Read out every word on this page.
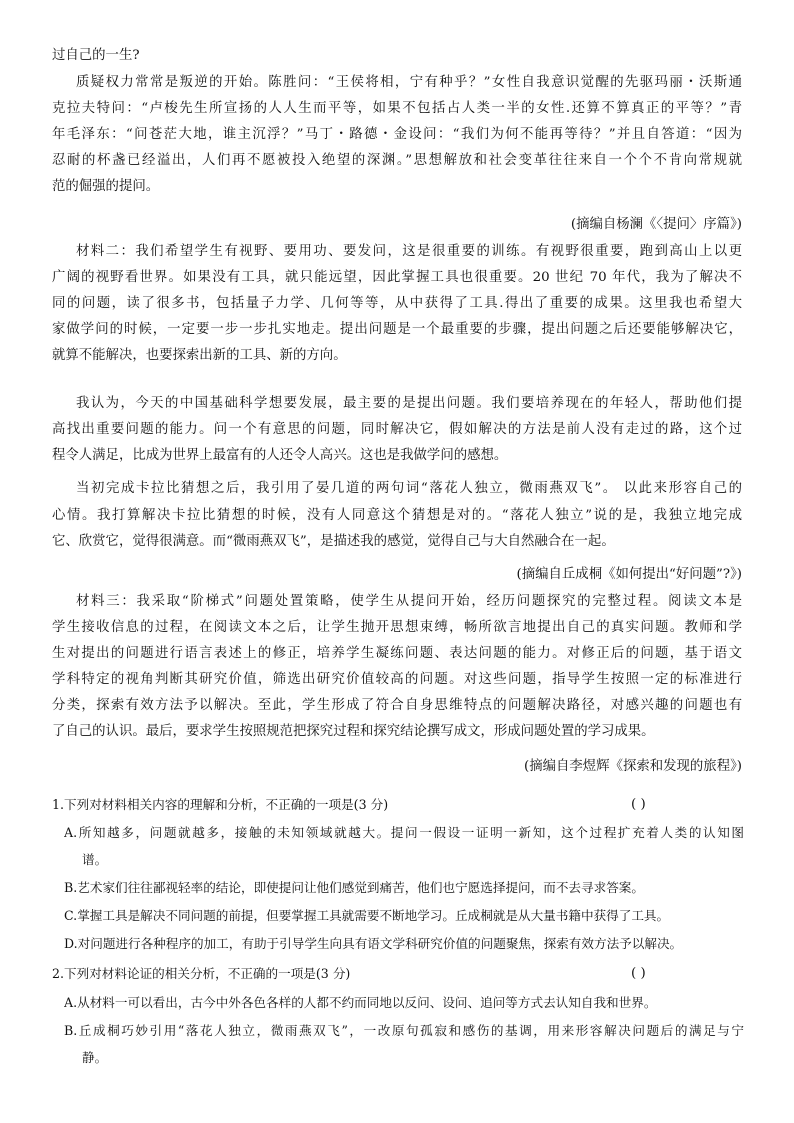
过自己的一生?
质疑权力常常是叛逆的开始。陈胜问：“王侯将相，宁有种乎？”女性自我意识觉醒的先驱玛丽・沃斯通
克拉夫特问：“卢梭先生所宣扬的人人生而平等，如果不包括占人类一半的女性.还算不算真正的平等？”青
年毛泽东：“问苍茫大地，谁主沉浮？”马丁・路德・金设问：“我们为何不能再等待？”并且自答道：“因为
忍耐的杯盏已经溢出，人们再不愿被投入绝望的深渊。”思想解放和社会变革往往来自一个个不肯向常规就
范的倔强的提问。
(摘编自杨澜《〈提问〉序篇》)
材料二：我们希望学生有视野、要用功、要发问，这是很重要的训练。有视野很重要，跑到高山上以更
广阔的视野看世界。如果没有工具，就只能远望，因此掌握工具也很重要。20 世纪 70 年代，我为了解决不
同的问题，读了很多书，包括量子力学、几何等等，从中获得了工具.得出了重要的成果。这里我也希望大
家做学问的时候，一定要一步一步扎实地走。提出问题是一个最重要的步骤，提出问题之后还要能够解决它，
就算不能解决，也要探索出新的工具、新的方向。
我认为，今天的中国基础科学想要发展，最主要的是提出问题。我们要培养现在的年轻人，帮助他们提
高找出重要问题的能力。问一个有意思的问题，同时解决它，假如解决的方法是前人没有走过的路，这个过
程令人满足，比成为世界上最富有的人还令人高兴。这也是我做学问的感想。
当初完成卡拉比猜想之后，我引用了晏几道的两句词“落花人独立，微雨燕双飞”。 以此来形容自己的
心情。我打算解决卡拉比猜想的时候，没有人同意这个猜想是对的。“落花人独立”说的是，我独立地完成
它、欣赏它，觉得很满意。而“微雨燕双飞”，是描述我的感觉，觉得自己与大自然融合在一起。
(摘编自丘成桐《如何提出“好问题”?》)
材料三：我采取“阶梯式”问题处置策略，使学生从提问开始，经历问题探究的完整过程。阅读文本是
学生接收信息的过程，在阅读文本之后，让学生抛开思想束缚，畅所欲言地提出自己的真实问题。教师和学
生对提出的问题进行语言表述上的修正，培养学生凝练问题、表达问题的能力。对修正后的问题，基于语文
学科特定的视角判断其研究价值，筛选出研究价值较高的问题。对这些问题，指导学生按照一定的标准进行
分类，探索有效方法予以解决。至此，学生形成了符合自身思维特点的问题解决路径，对感兴趣的问题也有
了自己的认识。最后，要求学生按照规范把探究过程和探究结论撰写成文，形成问题处置的学习成果。
(摘编自李煜辉《探索和发现的旅程》)
1.下列对材料相关内容的理解和分析，不正确的一项是(3 分)	( )
A.所知越多，问题就越多，接触的未知领域就越大。提问一假设一证明一新知，这个过程扩充着人类的认知图
谱。
B.艺术家们往往鄙视轻率的结论，即使提问让他们感觉到痛苦，他们也宁愿选择提问，而不去寻求答案。
C.掌握工具是解决不同问题的前提，但要掌握工具就需要不断地学习。丘成桐就是从大量书籍中获得了工具。
D.对问题进行各种程序的加工，有助于引导学生向具有语文学科研究价值的问题聚焦，探索有效方法予以解决。
2.下列对材料论证的相关分析，不正确的一项是(3 分)	( )
A.从材料一可以看出，古今中外各色各样的人都不约而同地以反问、设问、追问等方式去认知自我和世界。
B.丘成桐巧妙引用“落花人独立，微雨燕双飞”，一改原句孤寂和感伤的基调，用来形容解决问题后的满足与宁
静。
